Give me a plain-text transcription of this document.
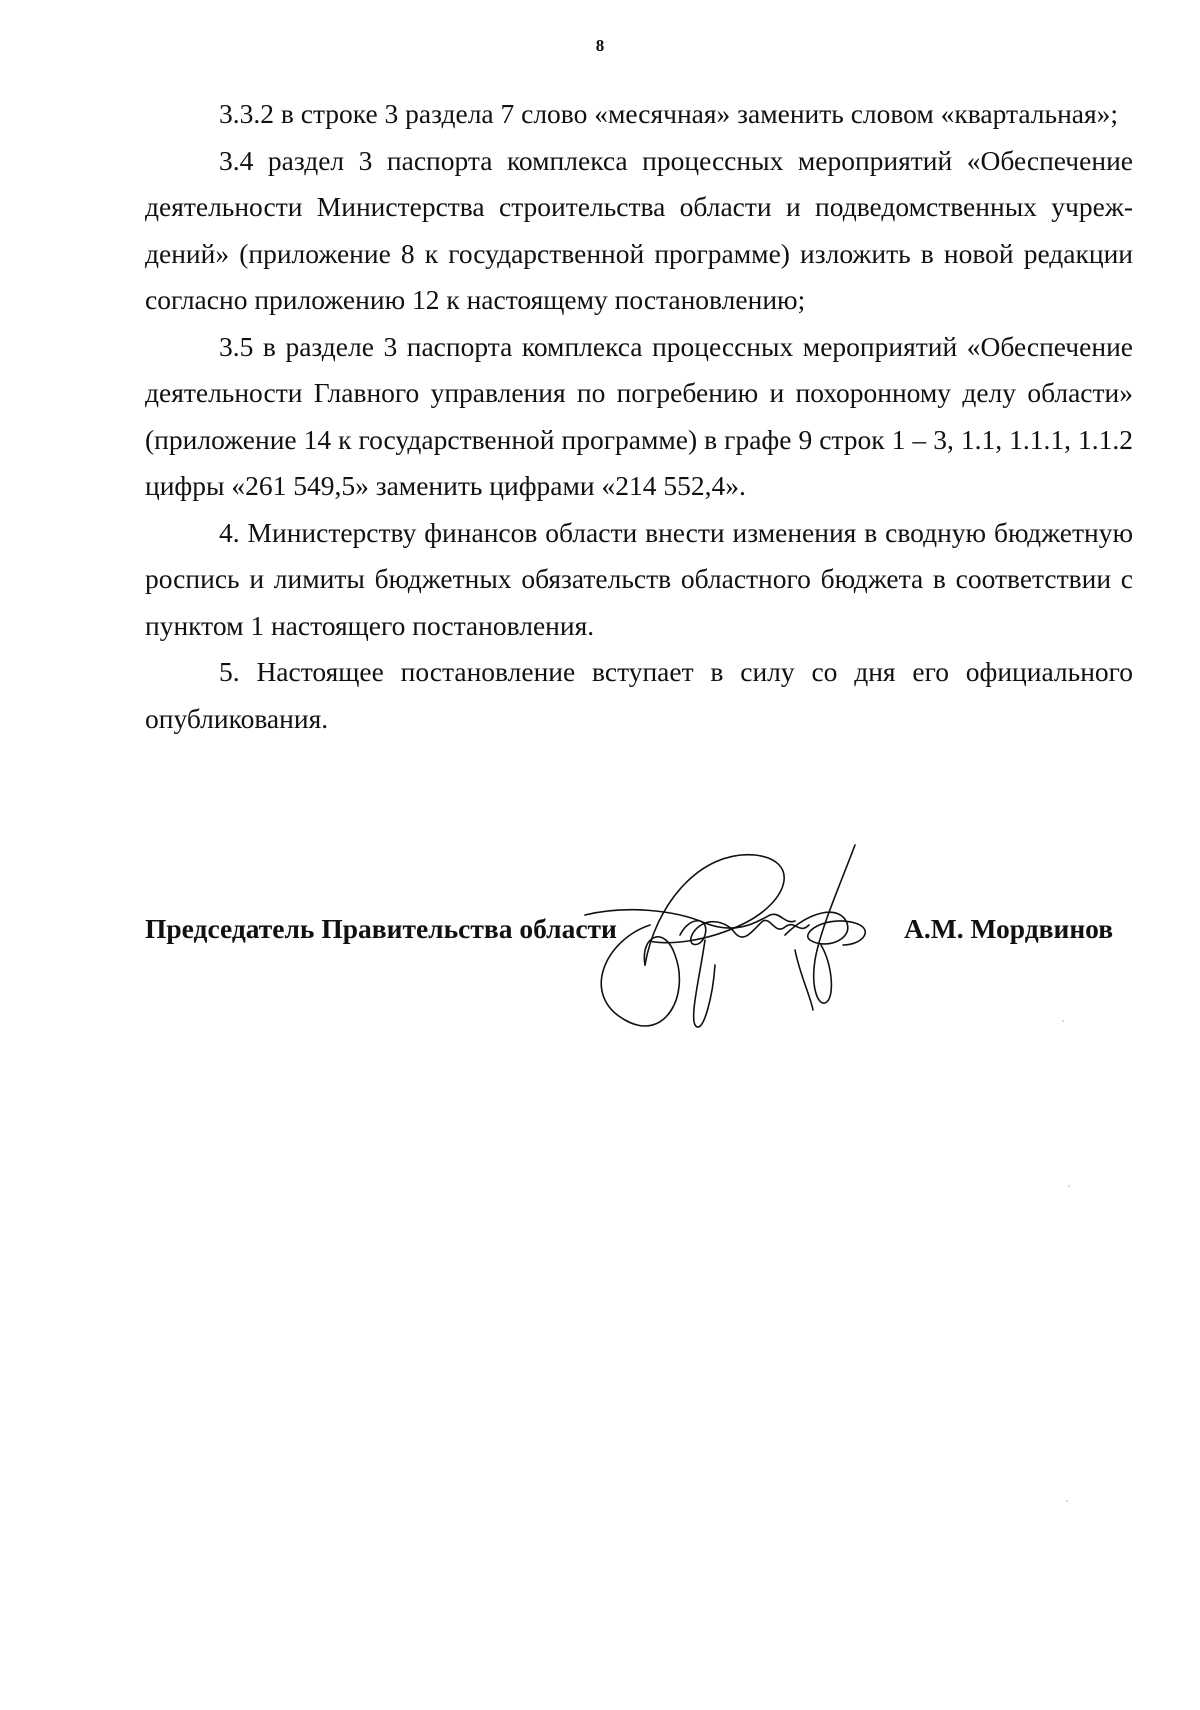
8

3.3.2 в строке 3 раздела 7 слово «месячная» заменить словом «квартальная»;

3.4 раздел 3 паспорта комплекса процессных мероприятий «Обеспечение деятельности Министерства строительства области и подведомственных учреждений» (приложение 8 к государственной программе) изложить в новой редакции согласно приложению 12 к настоящему постановлению;

3.5 в разделе 3 паспорта комплекса процессных мероприятий «Обеспечение деятельности Главного управления по погребению и похоронному делу области» (приложение 14 к государственной программе) в графе 9 строк 1 – 3, 1.1, 1.1.1, 1.1.2 цифры «261 549,5» заменить цифрами «214 552,4».

4. Министерству финансов области внести изменения в сводную бюджетную роспись и лимиты бюджетных обязательств областного бюджета в соответствии с пунктом 1 настоящего постановления.

5. Настоящее постановление вступает в силу со дня его официального опубликования.

Председатель Правительства области	А.М. Мордвинов
